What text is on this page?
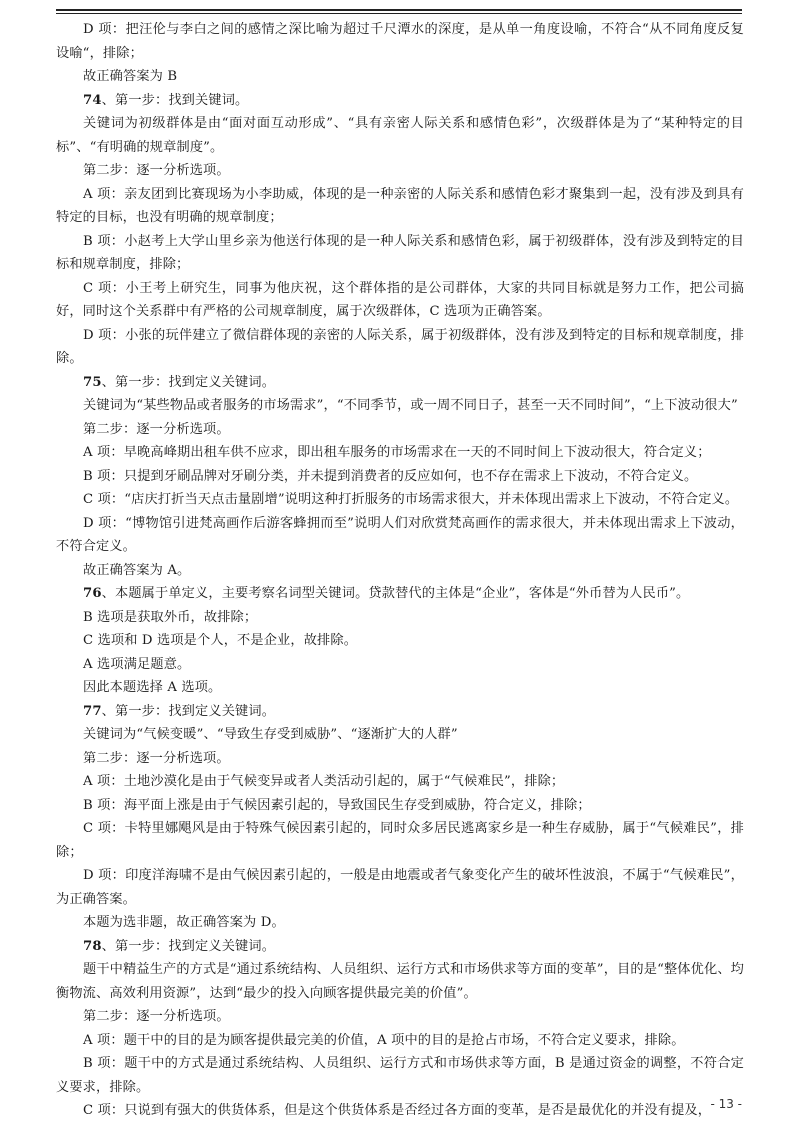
D 项：把汪伦与李白之间的感情之深比喻为超过千尺潭水的深度，是从单一角度设喻，不符合“从不同角度反复设喻“，排除；

故正确答案为 B

74、第一步：找到关键词。

关键词为初级群体是由“面对面互动形成”、“具有亲密人际关系和感情色彩”，次级群体是为了“某种特定的目标”、“有明确的规章制度”。

第二步：逐一分析选项。

A 项：亲友团到比赛现场为小李助威，体现的是一种亲密的人际关系和感情色彩才聚集到一起，没有涉及到具有特定的目标，也没有明确的规章制度；

B 项：小赵考上大学山里乡亲为他送行体现的是一种人际关系和感情色彩，属于初级群体，没有涉及到特定的目标和规章制度，排除；

C 项：小王考上研究生，同事为他庆祝，这个群体指的是公司群体，大家的共同目标就是努力工作，把公司搞好，同时这个关系群中有严格的公司规章制度，属于次级群体，C 选项为正确答案。

D 项：小张的玩伴建立了微信群体现的亲密的人际关系，属于初级群体，没有涉及到特定的目标和规章制度，排除。

75、第一步：找到定义关键词。

关键词为“某些物品或者服务的市场需求”，“不同季节，或一周不同日子，甚至一天不同时间”，“上下波动很大”

第二步：逐一分析选项。

A 项：早晚高峰期出租车供不应求，即出租车服务的市场需求在一天的不同时间上下波动很大，符合定义；

B 项：只提到牙刷品牌对牙刷分类，并未提到消费者的反应如何，也不存在需求上下波动，不符合定义。

C 项：“店庆打折当天点击量剧增”说明这种打折服务的市场需求很大，并未体现出需求上下波动，不符合定义。

D 项：“博物馆引进梵高画作后游客蜂拥而至”说明人们对欣赏梵高画作的需求很大，并未体现出需求上下波动，不符合定义。

故正确答案为 A。

76、本题属于单定义，主要考察名词型关键词。贷款替代的主体是“企业”，客体是“外币替为人民币”。

B 选项是获取外币，故排除；

C 选项和 D 选项是个人，不是企业，故排除。

A 选项满足题意。

因此本题选择 A 选项。

77、第一步：找到定义关键词。

关键词为“气候变暖”、“导致生存受到威胁”、“逐渐扩大的人群”

第二步：逐一分析选项。

A 项：土地沙漠化是由于气候变异或者人类活动引起的，属于“气候难民”，排除；

B 项：海平面上涨是由于气候因素引起的，导致国民生存受到威胁，符合定义，排除；

C 项：卡特里娜飓风是由于特殊气候因素引起的，同时众多居民逃离家乡是一种生存威胁，属于“气候难民”，排除；

D 项：印度洋海啸不是由气候因素引起的，一般是由地震或者气象变化产生的破坏性波浪，不属于“气候难民”，为正确答案。

本题为选非题，故正确答案为 D。

78、第一步：找到定义关键词。

题干中精益生产的方式是“通过系统结构、人员组织、运行方式和市场供求等方面的变革”，目的是“整体优化、均衡物流、高效利用资源”，达到“最少的投入向顾客提供最完美的价值”。

第二步：逐一分析选项。

A 项：题干中的目的是为顾客提供最完美的价值，A 项中的目的是抢占市场，不符合定义要求，排除。

B 项：题干中的方式是通过系统结构、人员组织、运行方式和市场供求等方面，B 是通过资金的调整，不符合定义要求，排除。

C 项：只说到有强大的供货体系，但是这个供货体系是否经过各方面的变革，是否是最优化的并没有提及， - 13 -
